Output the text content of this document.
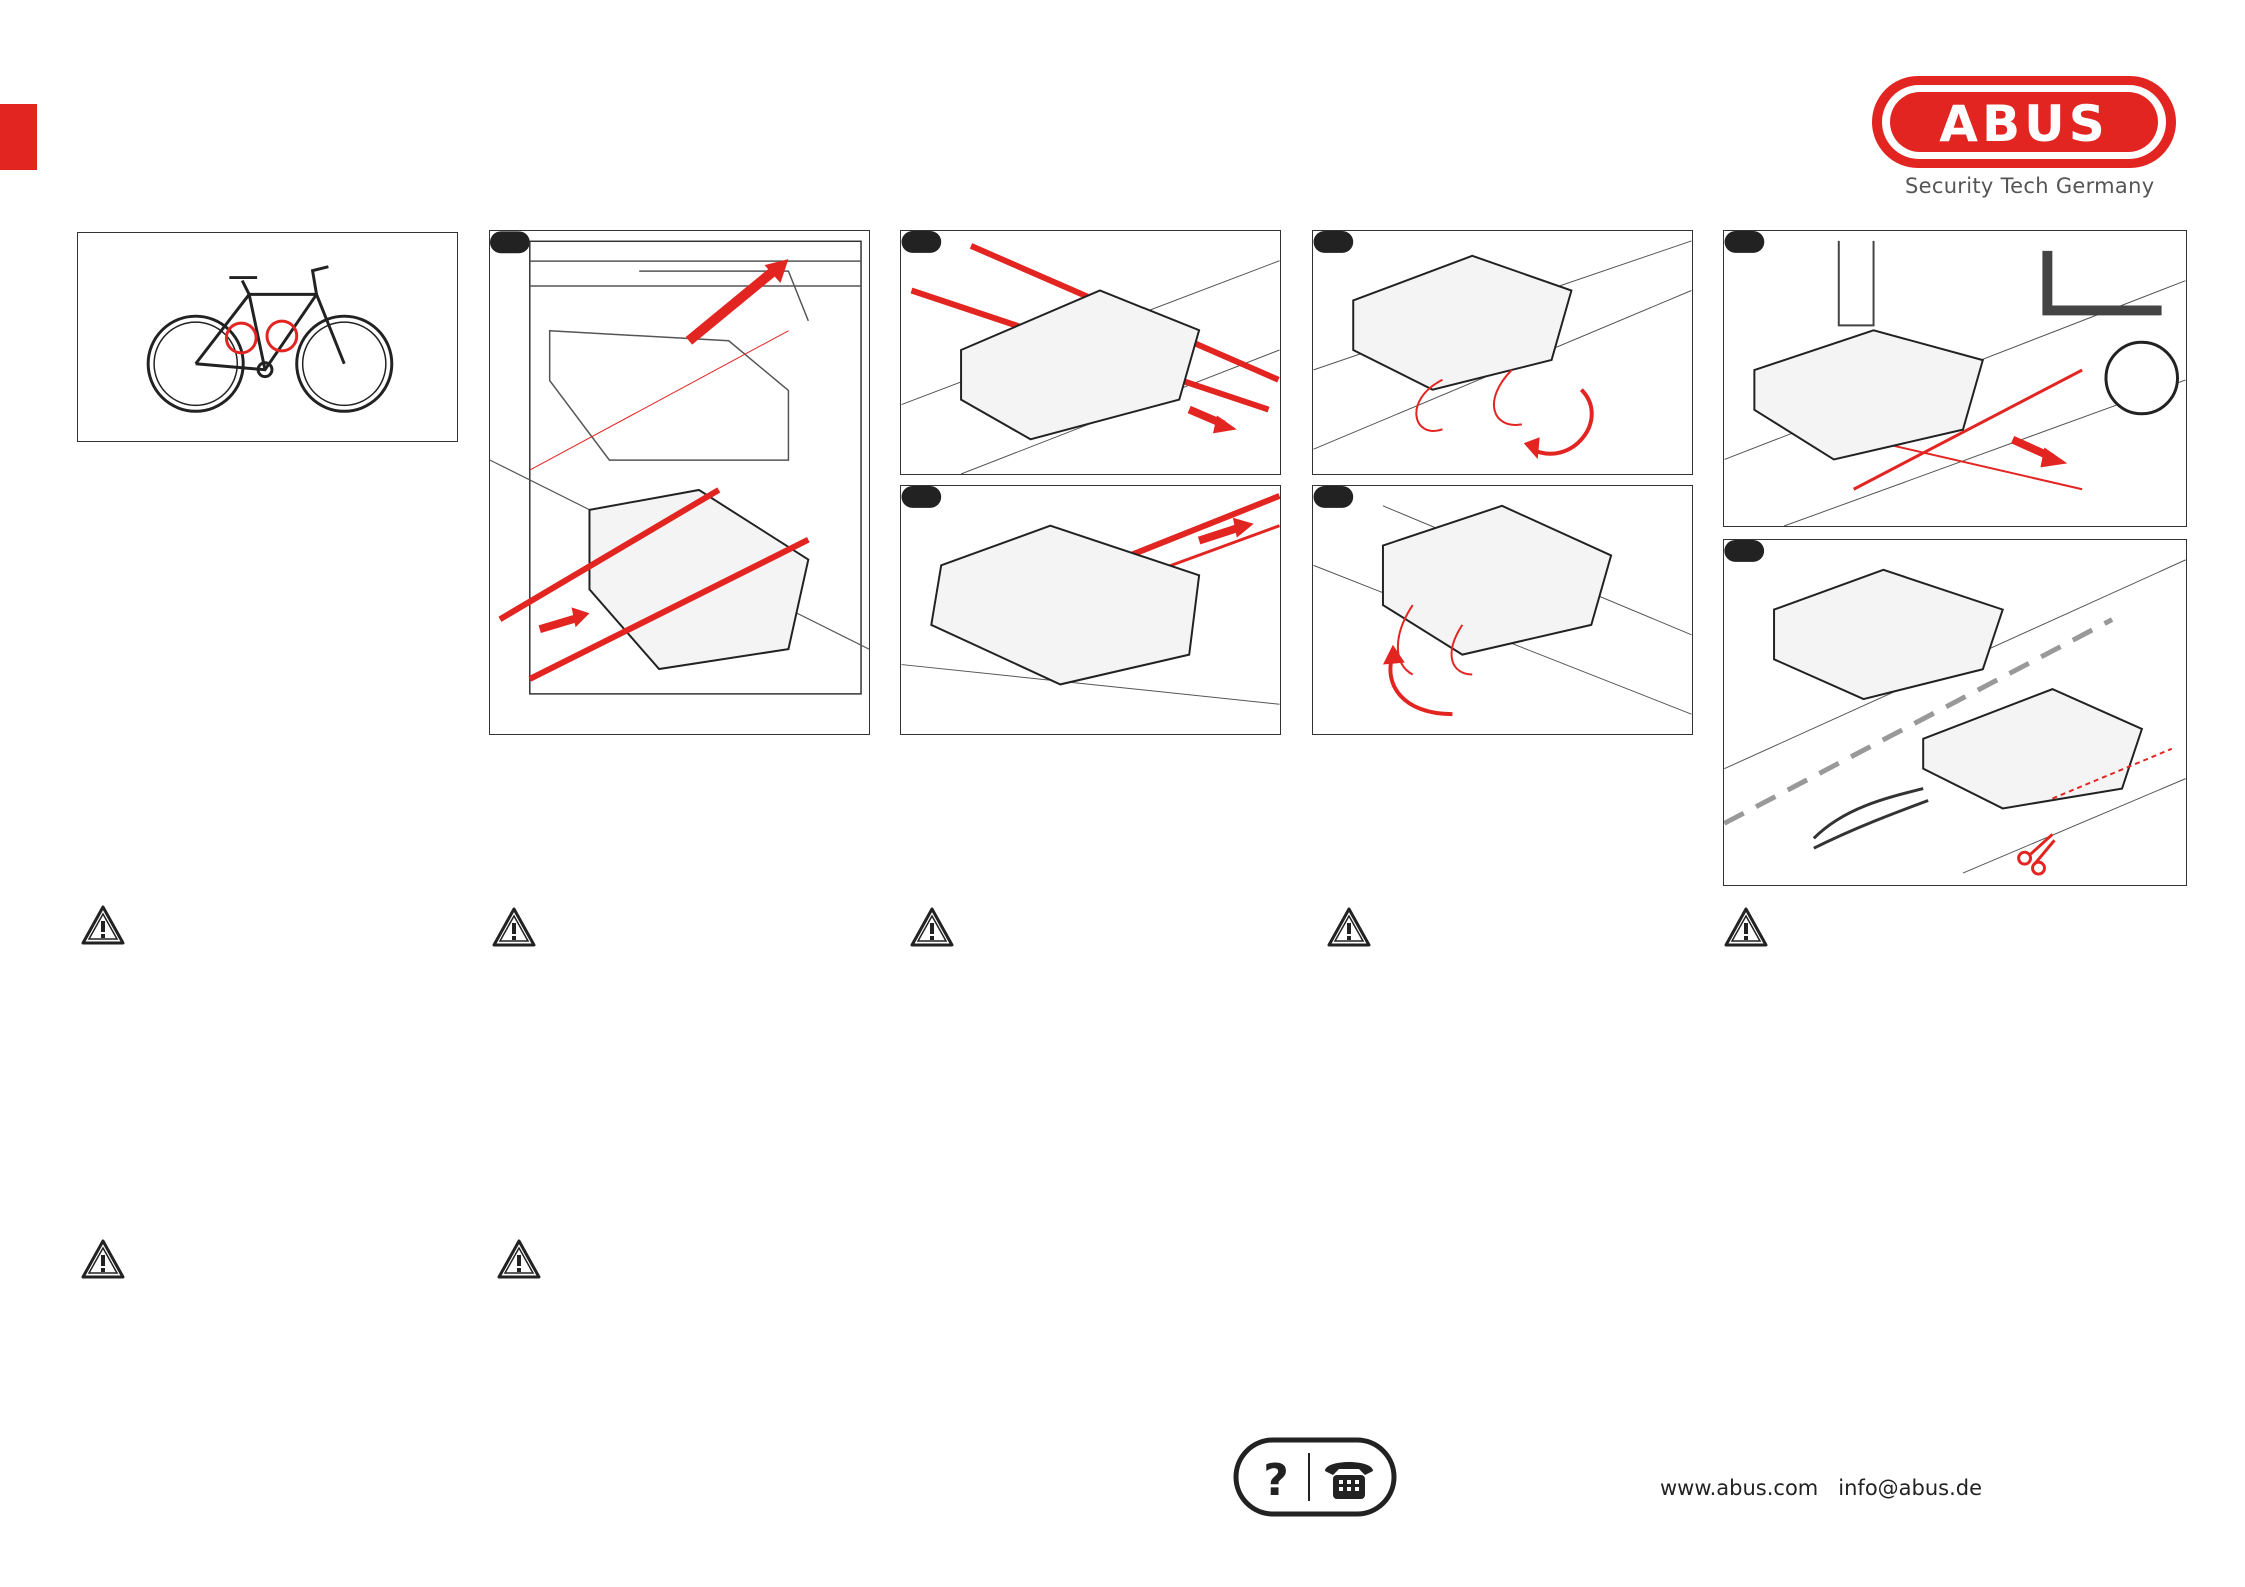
ABUS
Security Tech Germany
?	www.abus.com info@abus.de
